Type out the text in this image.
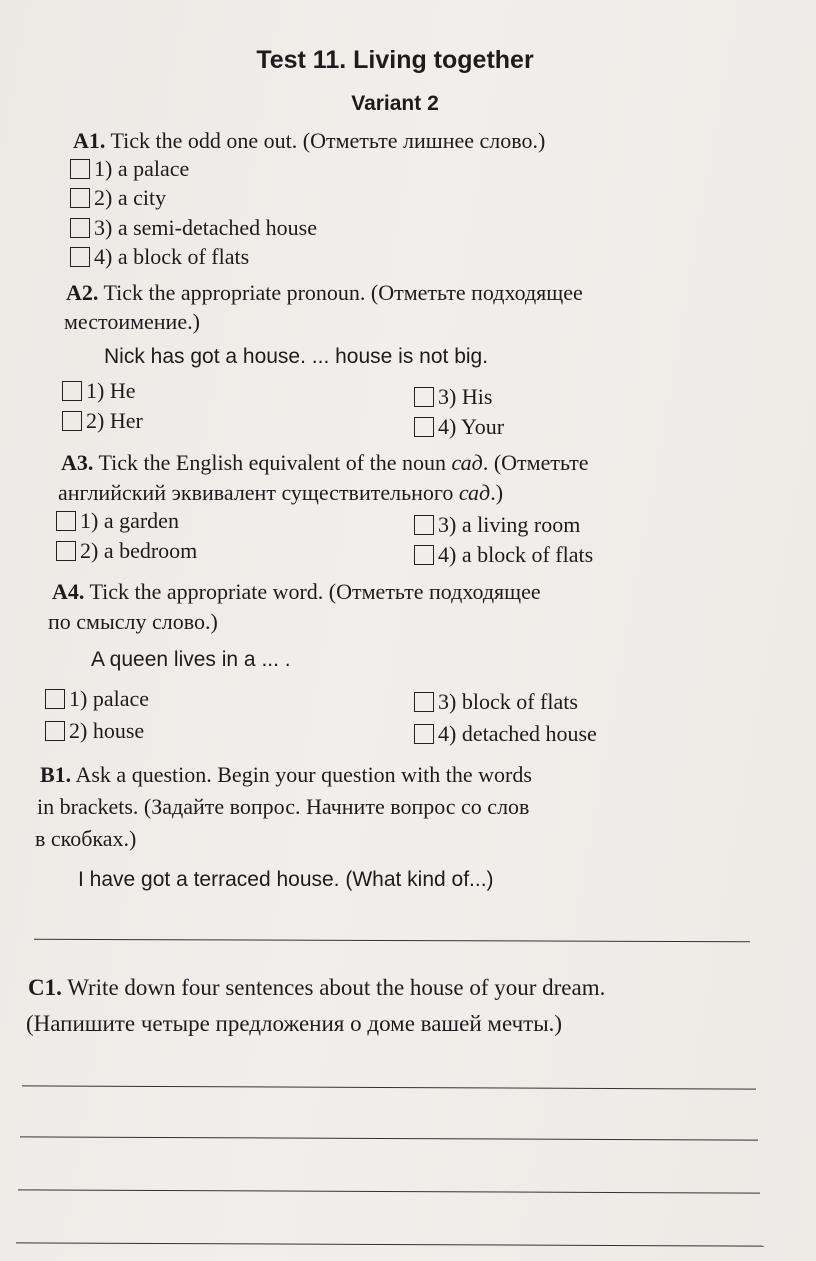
Test 11. Living together
Variant 2
A1. Tick the odd one out. (Отметьте лишнее слово.)
1) a palace
2) a city
3) a semi-detached house
4) a block of flats
A2. Tick the appropriate pronoun. (Отметьте подходящее
местоимение.)
Nick has got a house. ... house is not big.
1) He
2) Her
3) His
4) Your
A3. Tick the English equivalent of the noun сад. (Отметьте
английский эквивалент существительного сад.)
1) a garden
2) a bedroom
3) a living room
4) a block of flats
A4. Tick the appropriate word. (Отметьте подходящее
по смыслу слово.)
A queen lives in a ... .
1) palace
2) house
3) block of flats
4) detached house
B1. Ask a question. Begin your question with the words
in brackets. (Задайте вопрос. Начните вопрос со слов
в скобках.)
I have got a terraced house. (What kind of...)
C1. Write down four sentences about the house of your dream.
(Напишите четыре предложения о доме вашей мечты.)
